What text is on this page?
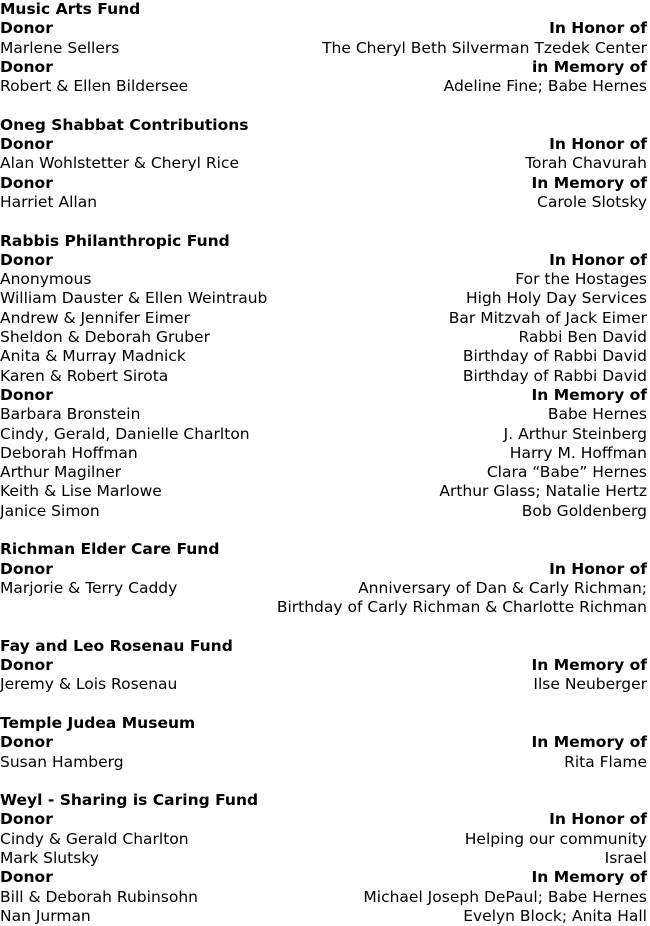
Music Arts Fund
Donor	In Honor of
Marlene Sellers	The Cheryl Beth Silverman Tzedek Center
Donor	in Memory of
Robert & Ellen Bildersee	Adeline Fine; Babe Hernes
Oneg Shabbat Contributions
Donor	In Honor of
Alan Wohlstetter & Cheryl Rice	Torah Chavurah
Donor	In Memory of
Harriet Allan	Carole Slotsky
Rabbis Philanthropic Fund
Donor	In Honor of
Anonymous	For the Hostages
William Dauster & Ellen Weintraub	High Holy Day Services
Andrew & Jennifer Eimer	Bar Mitzvah of Jack Eimer
Sheldon & Deborah Gruber	Rabbi Ben David
Anita & Murray Madnick	Birthday of Rabbi David
Karen & Robert Sirota	Birthday of Rabbi David
Donor	In Memory of
Barbara Bronstein	Babe Hernes
Cindy, Gerald, Danielle Charlton	J. Arthur Steinberg
Deborah Hoffman	Harry M. Hoffman
Arthur Magilner	Clara “Babe” Hernes
Keith & Lise Marlowe	Arthur Glass; Natalie Hertz
Janice Simon	Bob Goldenberg
Richman Elder Care Fund
Donor	In Honor of
Marjorie & Terry Caddy	Anniversary of Dan & Carly Richman;
Birthday of Carly Richman & Charlotte Richman
Fay and Leo Rosenau Fund
Donor	In Memory of
Jeremy & Lois Rosenau	Ilse Neuberger
Temple Judea Museum
Donor	In Memory of
Susan Hamberg	Rita Flame
Weyl - Sharing is Caring Fund
Donor	In Honor of
Cindy & Gerald Charlton	Helping our community
Mark Slutsky	Israel
Donor	In Memory of
Bill & Deborah Rubinsohn	Michael Joseph DePaul; Babe Hernes
Nan Jurman	Evelyn Block; Anita Hall
